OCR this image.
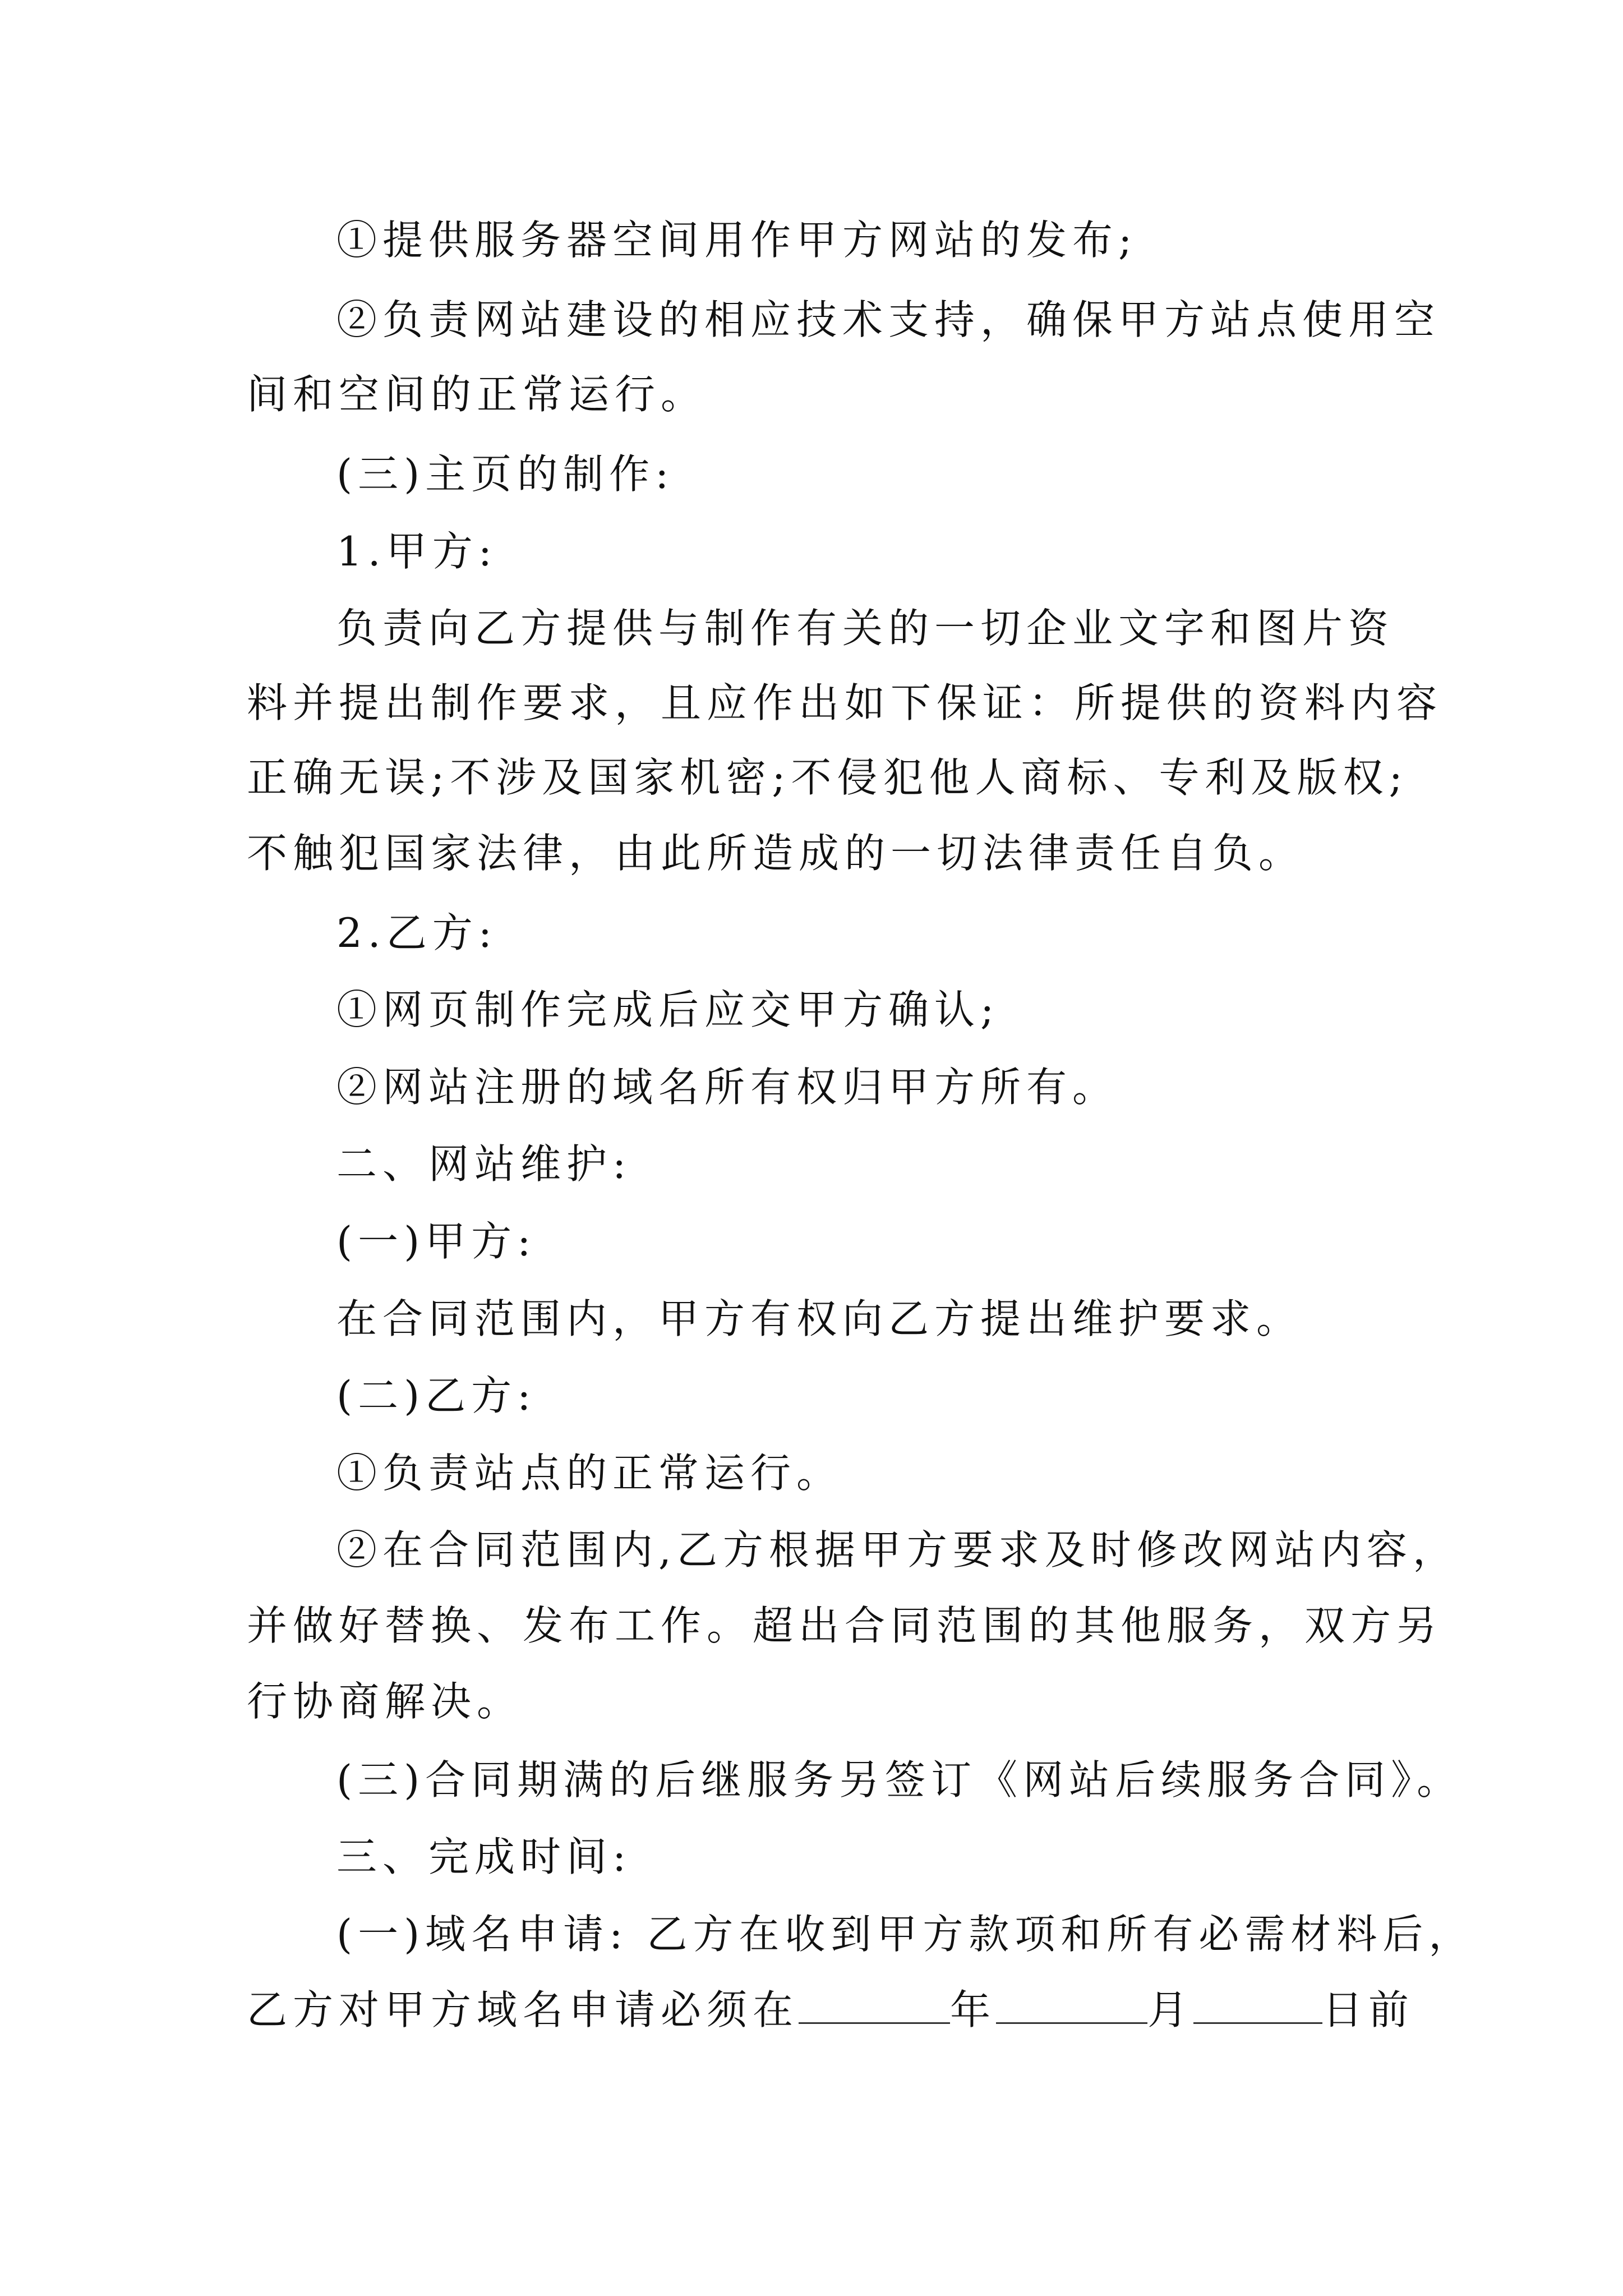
①提供服务器空间用作甲方网站的发布;
②负责网站建设的相应技术支持，确保甲方站点使用空
间和空间的正常运行。
(三)主页的制作:
1.甲方:
负责向乙方提供与制作有关的一切企业文字和图片资
料并提出制作要求，且应作出如下保证：所提供的资料内容
正确无误;不涉及国家机密;不侵犯他人商标、专利及版权;
不触犯国家法律，由此所造成的一切法律责任自负。
2.乙方:
①网页制作完成后应交甲方确认;
②网站注册的域名所有权归甲方所有。
二、网站维护:
(一)甲方:
在合同范围内，甲方有权向乙方提出维护要求。
(二)乙方:
①负责站点的正常运行。
②在合同范围内,乙方根据甲方要求及时修改网站内容，
并做好替换、发布工作。超出合同范围的其他服务，双方另
行协商解决。
(三)合同期满的后继服务另签订《网站后续服务合同》。
三、完成时间:
(一)域名申请: 乙方在收到甲方款项和所有必需材料后，
乙方对甲方域名申请必须在	年	月	日前
